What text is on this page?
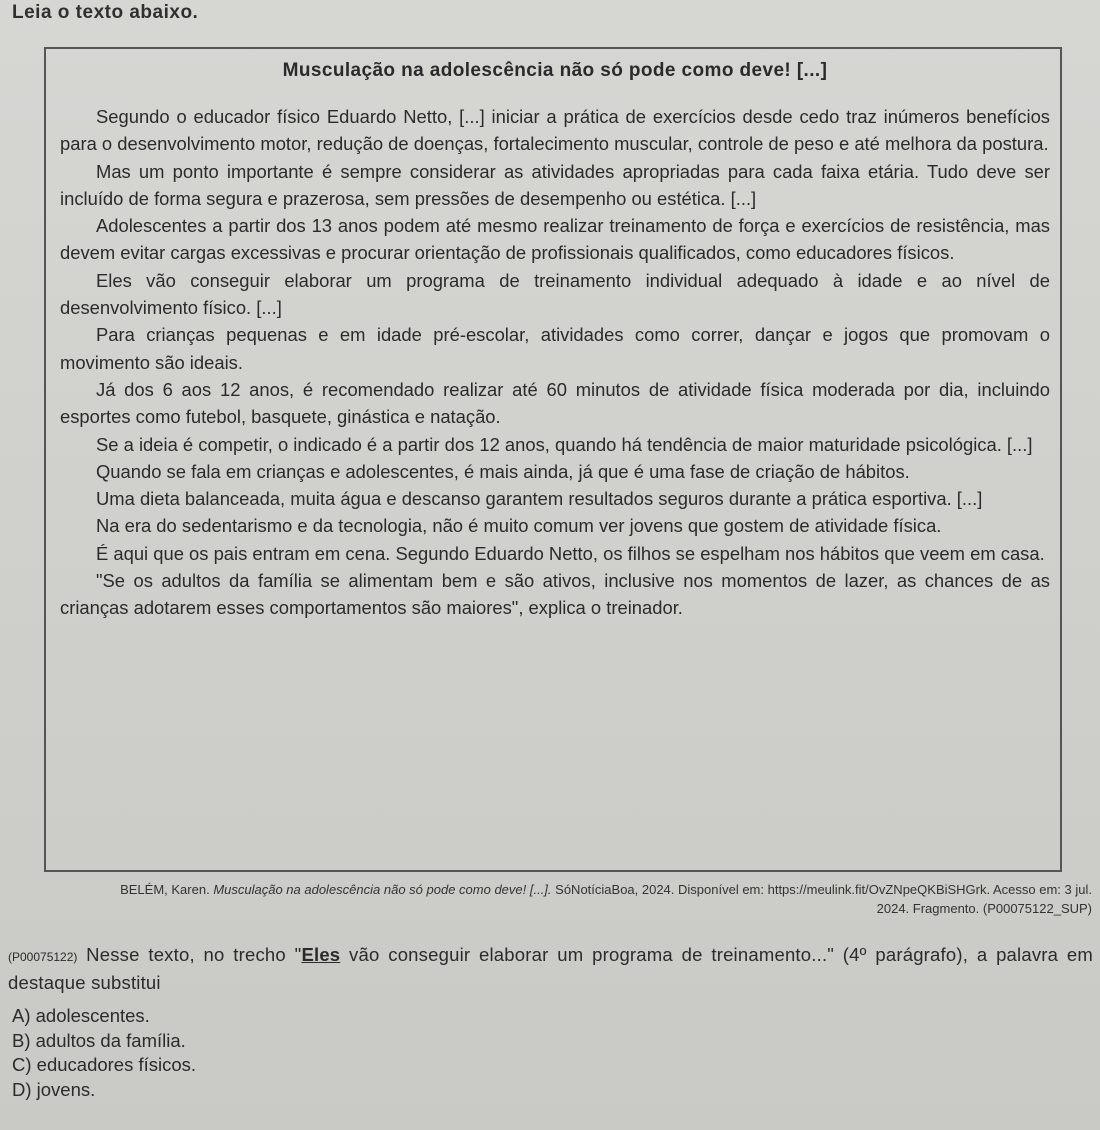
Leia o texto abaixo.
Musculação na adolescência não só pode como deve! [...]

Segundo o educador físico Eduardo Netto, [...] iniciar a prática de exercícios desde cedo traz inúmeros benefícios para o desenvolvimento motor, redução de doenças, fortalecimento muscular, controle de peso e até melhora da postura.

Mas um ponto importante é sempre considerar as atividades apropriadas para cada faixa etária. Tudo deve ser incluído de forma segura e prazerosa, sem pressões de desempenho ou estética. [...]

Adolescentes a partir dos 13 anos podem até mesmo realizar treinamento de força e exercícios de resistência, mas devem evitar cargas excessivas e procurar orientação de profissionais qualificados, como educadores físicos.

Eles vão conseguir elaborar um programa de treinamento individual adequado à idade e ao nível de desenvolvimento físico. [...]

Para crianças pequenas e em idade pré-escolar, atividades como correr, dançar e jogos que promovam o movimento são ideais.

Já dos 6 aos 12 anos, é recomendado realizar até 60 minutos de atividade física moderada por dia, incluindo esportes como futebol, basquete, ginástica e natação.

Se a ideia é competir, o indicado é a partir dos 12 anos, quando há tendência de maior maturidade psicológica. [...]

Quando se fala em crianças e adolescentes, é mais ainda, já que é uma fase de criação de hábitos.

Uma dieta balanceada, muita água e descanso garantem resultados seguros durante a prática esportiva. [...]

Na era do sedentarismo e da tecnologia, não é muito comum ver jovens que gostem de atividade física.

É aqui que os pais entram em cena. Segundo Eduardo Netto, os filhos se espelham nos hábitos que veem em casa.

"Se os adultos da família se alimentam bem e são ativos, inclusive nos momentos de lazer, as chances de as crianças adotarem esses comportamentos são maiores", explica o treinador.

BELÉM, Karen. Musculação na adolescência não só pode como deve! [...]. SóNotíciaBoa, 2024. Disponível em: https://meulink.fit/OvZNpeQKBiSHGrk. Acesso em: 3 jul. 2024. Fragmento. (P00075122_SUP)
(P00075122) Nesse texto, no trecho "Eles vão conseguir elaborar um programa de treinamento..." (4º parágrafo), a palavra em destaque substitui
A) adolescentes.
B) adultos da família.
C) educadores físicos.
D) jovens.
